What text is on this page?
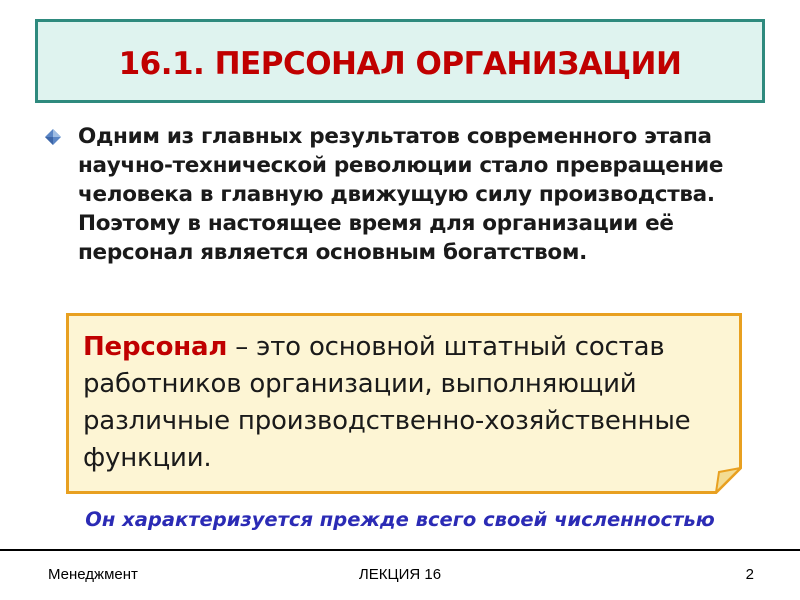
16.1. ПЕРСОНАЛ ОРГАНИЗАЦИИ
Одним из главных результатов современного этапа научно-технической революции стало превращение человека в главную движущую силу производства. Поэтому в настоящее время для организации её персонал является основным богатством.
Персонал – это основной штатный состав работников организации, выполняющий различные производственно-хозяйственные функции.
Он характеризуется прежде всего своей численностью
Менеджмент	ЛЕКЦИЯ 16	2
